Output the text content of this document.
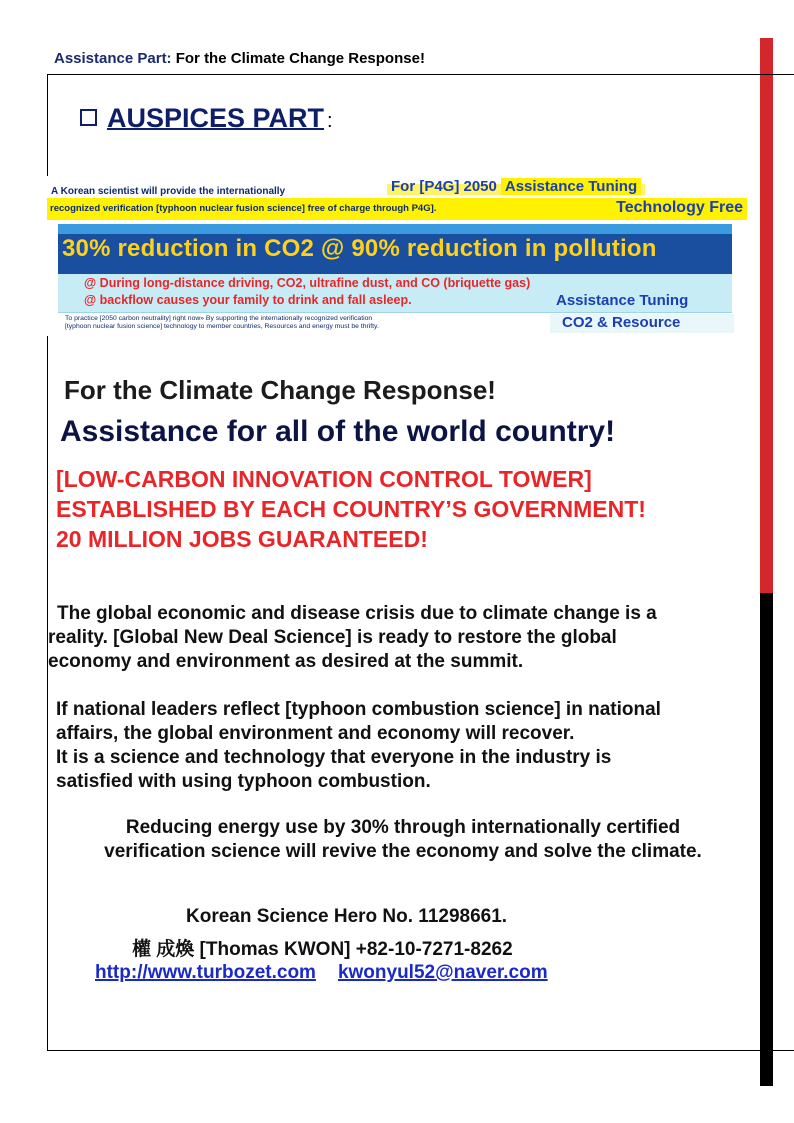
Assistance Part: For the Climate Change Response!
AUSPICES PART :
A Korean scientist will provide the internationally	For [P4G] 2050 Assistance Tuning
recognized verification [typhoon nuclear fusion science] free of charge through P4G].	Technology Free
30% reduction in CO2 @ 90% reduction in pollution
@ During long-distance driving, CO2, ultrafine dust, and CO (briquette gas)
@ backflow causes your family to drink and fall asleep.	Assistance Tuning
To practice [2050 carbon neutrality] right now» By supporting the internationally recognized verification
[typhoon nuclear fusion science] technology to member countries, Resources and energy must be thrifty.	CO2 & Resource
For the Climate Change Response!
Assistance for all of the world country!
[LOW-CARBON INNOVATION CONTROL TOWER]
ESTABLISHED BY EACH COUNTRY’S GOVERNMENT!
20 MILLION JOBS GUARANTEED!
The global economic and disease crisis due to climate change is a
reality. [Global New Deal Science] is ready to restore the global
economy and environment as desired at the summit.
If national leaders reflect [typhoon combustion science] in national
affairs, the global environment and economy will recover.
It is a science and technology that everyone in the industry is
satisfied with using typhoon combustion.
Reducing energy use by 30% through internationally certified
verification science will revive the economy and solve the climate.
Korean Science Hero No. 11298661.
權 成煥 [Thomas KWON] +82-10-7271-8262
http://www.turbozet.com kwonyul52@naver.com
